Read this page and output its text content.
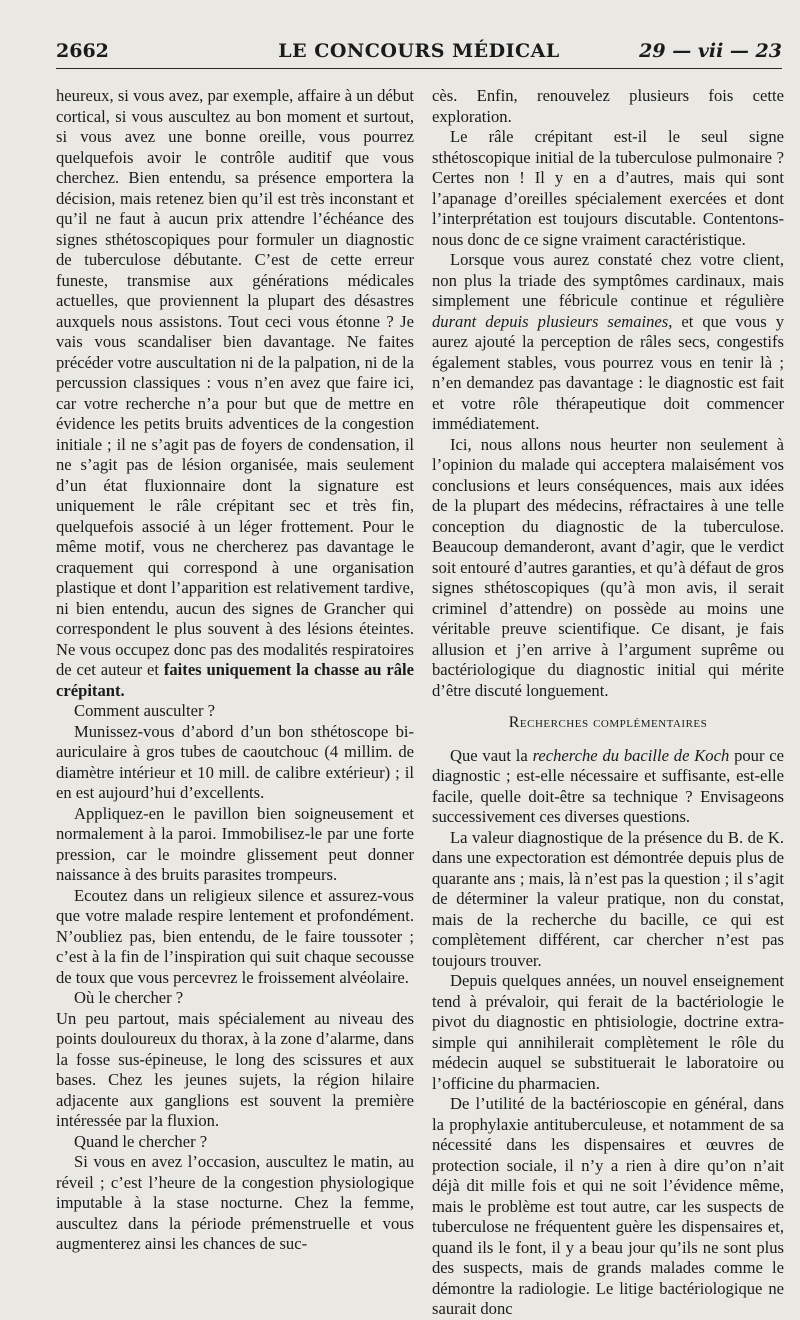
2662	LE CONCOURS MÉDICAL	29 — vii — 23

heureux, si vous avez, par exemple, affaire à un début cortical, si vous auscultez au bon moment et surtout, si vous avez une bonne oreille, vous pourrez quelquefois avoir le contrôle auditif que vous cherchez. Bien entendu, sa présence emportera la décision, mais retenez bien qu’il est très inconstant et qu’il ne faut à aucun prix attendre l’échéance des signes sthétoscopiques pour formuler un diagnostic de tuberculose débutante. C’est de cette erreur funeste, transmise aux générations médicales actuelles, que proviennent la plupart des désastres auxquels nous assistons. Tout ceci vous étonne ? Je vais vous scandaliser bien davantage. Ne faites précéder votre auscultation ni de la palpation, ni de la percussion classiques : vous n’en avez que faire ici, car votre recherche n’a pour but que de mettre en évidence les petits bruits adventices de la congestion initiale ; il ne s’agit pas de foyers de condensation, il ne s’agit pas de lésion organisée, mais seulement d’un état fluxionnaire dont la signature est uniquement le râle crépitant sec et très fin, quelquefois associé à un léger frottement. Pour le même motif, vous ne chercherez pas davantage le craquement qui correspond à une organisation plastique et dont l’apparition est relativement tardive, ni bien entendu, aucun des signes de Grancher qui correspondent le plus souvent à des lésions éteintes. Ne vous occupez donc pas des modalités respiratoires de cet auteur et faites uniquement la chasse au râle crépitant.

Comment ausculter ?

Munissez-vous d’abord d’un bon sthétoscope bi-auriculaire à gros tubes de caoutchouc (4 millim. de diamètre intérieur et 10 mill. de calibre extérieur) ; il en est aujourd’hui d’excellents.

Appliquez-en le pavillon bien soigneusement et normalement à la paroi. Immobilisez-le par une forte pression, car le moindre glissement peut donner naissance à des bruits parasites trompeurs.

Ecoutez dans un religieux silence et assurez-vous que votre malade respire lentement et profondément. N’oubliez pas, bien entendu, de le faire toussoter ; c’est à la fin de l’inspiration qui suit chaque secousse de toux que vous percevrez le froissement alvéolaire.

Où le chercher ?

Un peu partout, mais spécialement au niveau des points douloureux du thorax, à la zone d’alarme, dans la fosse sus-épineuse, le long des scissures et aux bases. Chez les jeunes sujets, la région hilaire adjacente aux ganglions est souvent la première intéressée par la fluxion.

Quand le chercher ?

Si vous en avez l’occasion, auscultez le matin, au réveil ; c’est l’heure de la congestion physiologique imputable à la stase nocturne. Chez la femme, auscultez dans la période prémenstruelle et vous augmenterez ainsi les chances de suc-

cès. Enfin, renouvelez plusieurs fois cette exploration.

Le râle crépitant est-il le seul signe sthétoscopique initial de la tuberculose pulmonaire ? Certes non ! Il y en a d’autres, mais qui sont l’apanage d’oreilles spécialement exercées et dont l’interprétation est toujours discutable. Contentons-nous donc de ce signe vraiment caractéristique.

Lorsque vous aurez constaté chez votre client, non plus la triade des symptômes cardinaux, mais simplement une fébricule continue et régulière durant depuis plusieurs semaines, et que vous y aurez ajouté la perception de râles secs, congestifs également stables, vous pourrez vous en tenir là ; n’en demandez pas davantage : le diagnostic est fait et votre rôle thérapeutique doit commencer immédiatement.

Ici, nous allons nous heurter non seulement à l’opinion du malade qui acceptera malaisément vos conclusions et leurs conséquences, mais aux idées de la plupart des médecins, réfractaires à une telle conception du diagnostic de la tuberculose. Beaucoup demanderont, avant d’agir, que le verdict soit entouré d’autres garanties, et qu’à défaut de gros signes sthétoscopiques (qu’à mon avis, il serait criminel d’attendre) on possède au moins une véritable preuve scientifique. Ce disant, je fais allusion et j’en arrive à l’argument suprême ou bactériologique du diagnostic initial qui mérite d’être discuté longuement.

Recherches complémentaires

Que vaut la recherche du bacille de Koch pour ce diagnostic ; est-elle nécessaire et suffisante, est-elle facile, quelle doit-être sa technique ? Envisageons successivement ces diverses questions.

La valeur diagnostique de la présence du B. de K. dans une expectoration est démontrée depuis plus de quarante ans ; mais, là n’est pas la question ; il s’agit de déterminer la valeur pratique, non du constat, mais de la recherche du bacille, ce qui est complètement différent, car chercher n’est pas toujours trouver.

Depuis quelques années, un nouvel enseignement tend à prévaloir, qui ferait de la bactériologie le pivot du diagnostic en phtisiologie, doctrine extra-simple qui annihilerait complètement le rôle du médecin auquel se substituerait le laboratoire ou l’officine du pharmacien.

De l’utilité de la bactérioscopie en général, dans la prophylaxie antituberculeuse, et notamment de sa nécessité dans les dispensaires et œuvres de protection sociale, il n’y a rien à dire qu’on n’ait déjà dit mille fois et qui ne soit l’évidence même, mais le problème est tout autre, car les suspects de tuberculose ne fréquentent guère les dispensaires et, quand ils le font, il y a beau jour qu’ils ne sont plus des suspects, mais de grands malades comme le démontre la radiologie. Le litige bactériologique ne saurait donc
